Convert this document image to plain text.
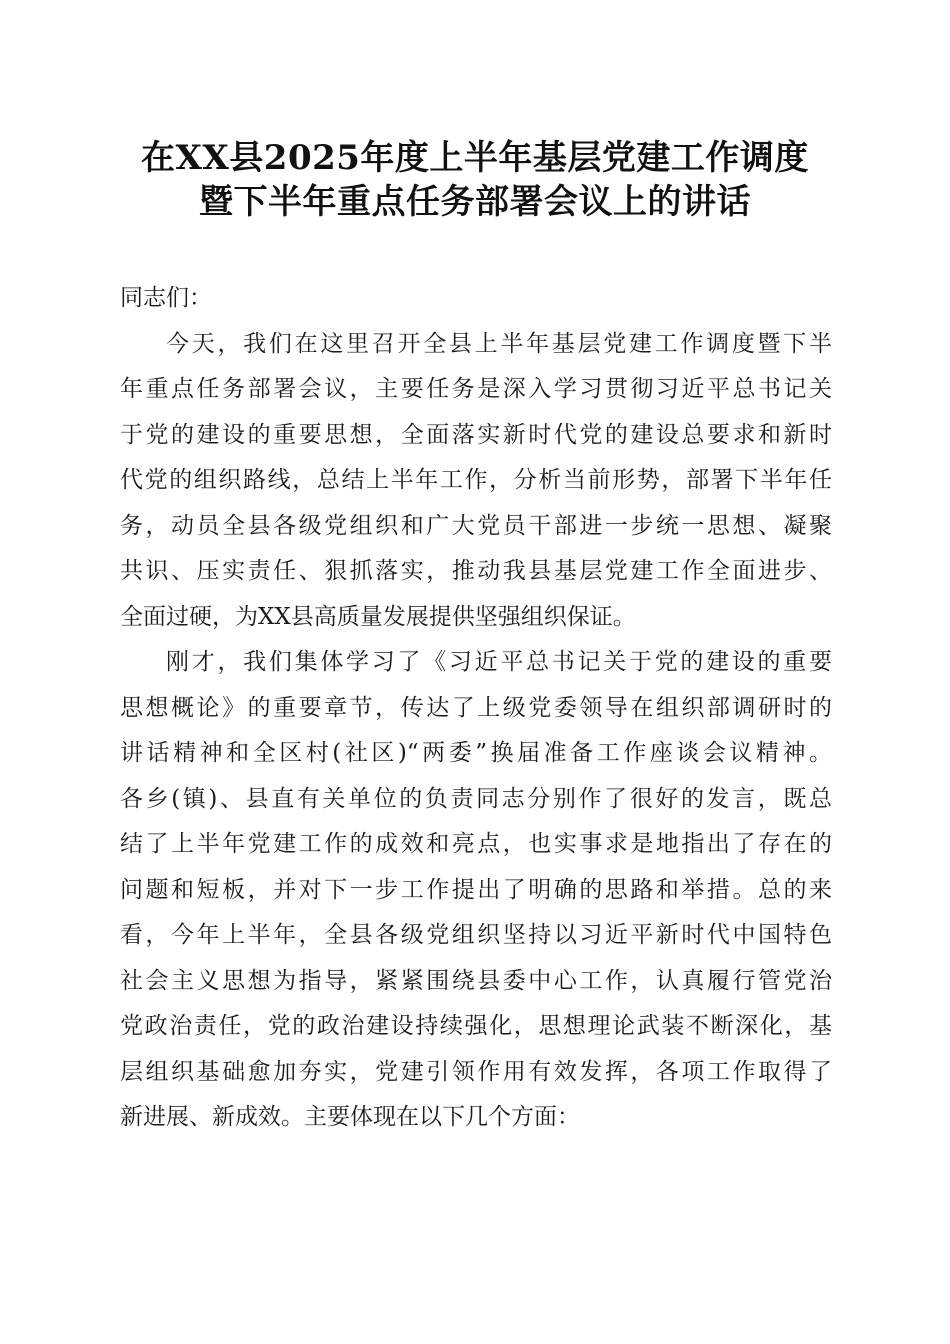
在XX县2025年度上半年基层党建工作调度
暨下半年重点任务部署会议上的讲话

同志们：

今天，我们在这里召开全县上半年基层党建工作调度暨下半
年重点任务部署会议，主要任务是深入学习贯彻习近平总书记关
于党的建设的重要思想，全面落实新时代党的建设总要求和新时
代党的组织路线，总结上半年工作，分析当前形势，部署下半年任
务，动员全县各级党组织和广大党员干部进一步统一思想、凝聚
共识、压实责任、狠抓落实，推动我县基层党建工作全面进步、
全面过硬，为XX县高质量发展提供坚强组织保证。

刚才，我们集体学习了《习近平总书记关于党的建设的重要
思想概论》的重要章节，传达了上级党委领导在组织部调研时的
讲话精神和全区村(社区)“两委”换届准备工作座谈会议精神。
各乡(镇)、县直有关单位的负责同志分别作了很好的发言，既总
结了上半年党建工作的成效和亮点，也实事求是地指出了存在的
问题和短板，并对下一步工作提出了明确的思路和举措。总的来
看，今年上半年，全县各级党组织坚持以习近平新时代中国特色
社会主义思想为指导，紧紧围绕县委中心工作，认真履行管党治
党政治责任，党的政治建设持续强化，思想理论武装不断深化，基
层组织基础愈加夯实，党建引领作用有效发挥，各项工作取得了
新进展、新成效。主要体现在以下几个方面：
